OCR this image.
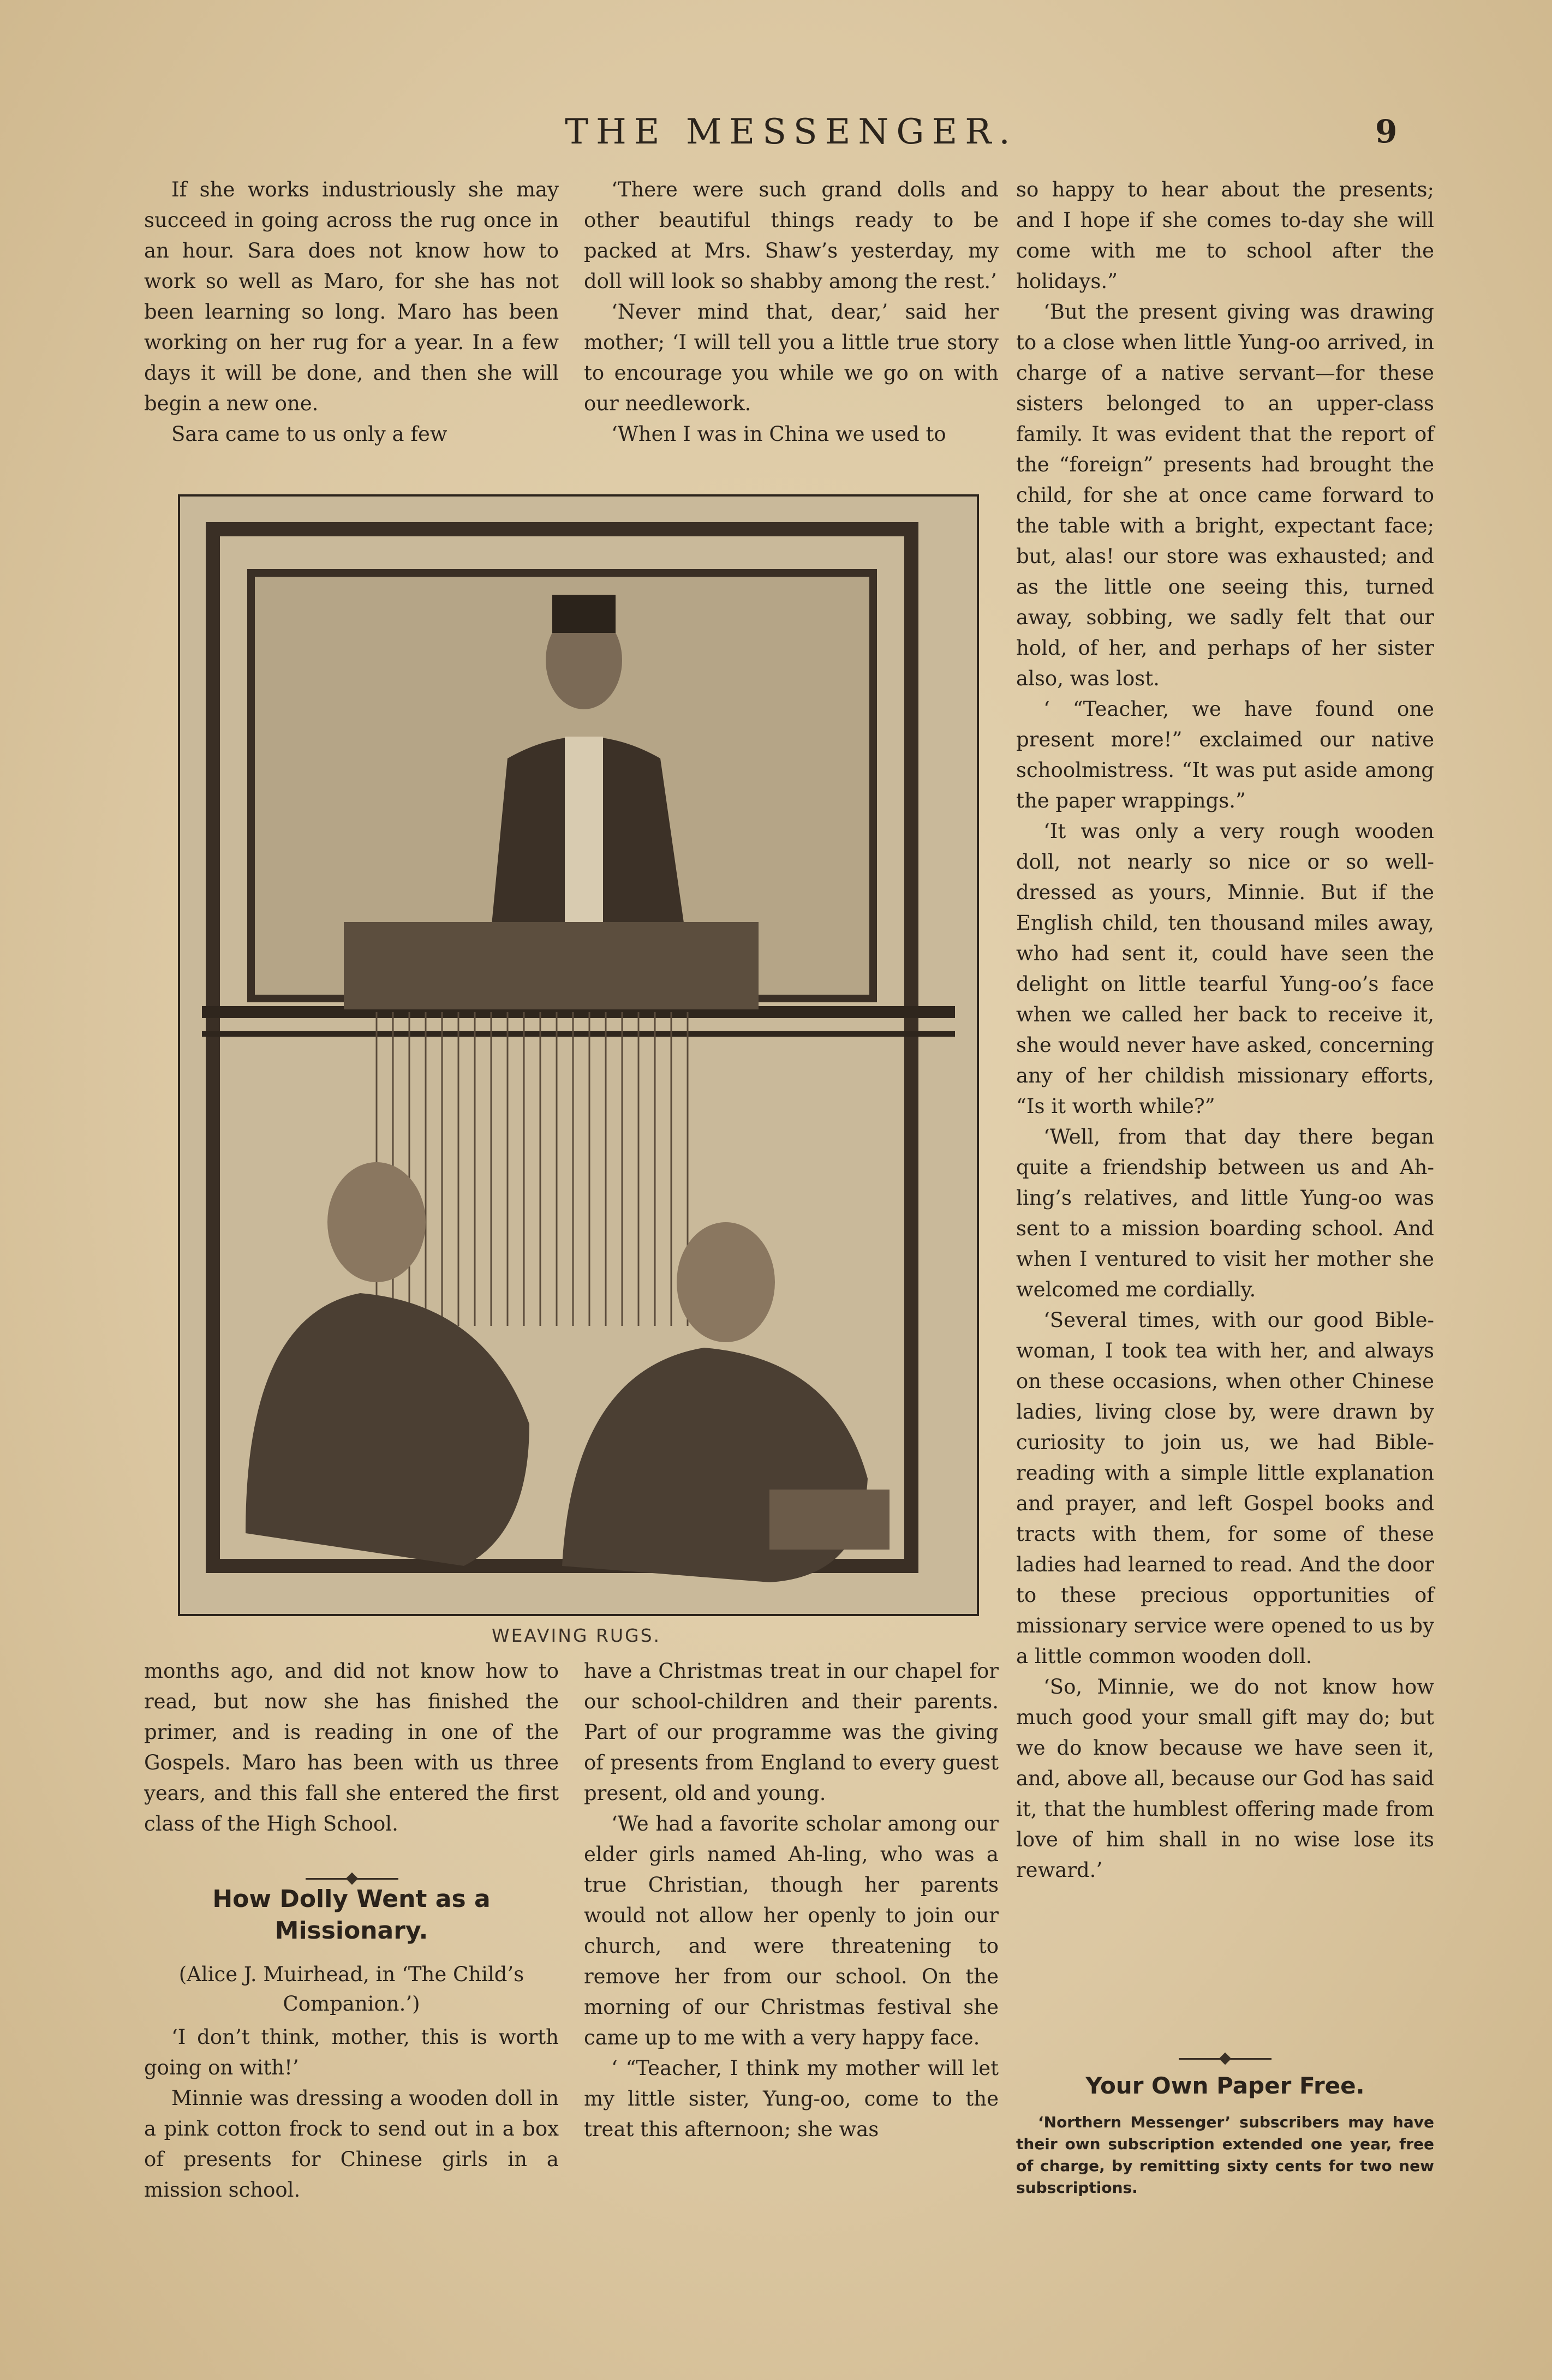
THE MESSENGER.	9

If she works industriously she may succeed in going across the rug once in an hour. Sara does not know how to work so well as Maro, for she has not been learning so long. Maro has been working on her rug for a year. In a few days it will be done, and then she will begin a new one.

Sara came to us only a few

‘There were such grand dolls and other beautiful things ready to be packed at Mrs. Shaw’s yesterday, my doll will look so shabby among the rest.’

‘Never mind that, dear,’ said her mother; ‘I will tell you a little true story to encourage you while we go on with our needlework.

‘When I was in China we used to

so happy to hear about the presents; and I hope if she comes to-day she will come with me to school after the holidays.”

‘But the present giving was drawing to a close when little Yung-oo arrived, in charge of a native servant—for these sisters belonged to an upper-class family. It was evident that the report of the “foreign” presents had brought the child, for she at once came forward to the table with a bright, expectant face; but, alas! our store was exhausted; and as the little one seeing this, turned away, sobbing, we sadly felt that our hold, of her, and perhaps of her sister also, was lost.

‘ “Teacher, we have found one present more!” exclaimed our native schoolmistress. “It was put aside among the paper wrappings.”

‘It was only a very rough wooden doll, not nearly so nice or so well-dressed as yours, Minnie. But if the English child, ten thousand miles away, who had sent it, could have seen the delight on little tearful Yung-oo’s face when we called her back to receive it, she would never have asked, concerning any of her childish missionary efforts, “Is it worth while?”

‘Well, from that day there began quite a friendship between us and Ah-ling’s relatives, and little Yung-oo was sent to a mission boarding school. And when I ventured to visit her mother she welcomed me cordially.

‘Several times, with our good Bible-woman, I took tea with her, and always on these occasions, when other Chinese ladies, living close by, were drawn by curiosity to join us, we had Bible-reading with a simple little explanation and prayer, and left Gospel books and tracts with them, for some of these ladies had learned to read. And the door to these precious opportunities of missionary service were opened to us by a little common wooden doll.

‘So, Minnie, we do not know how much good your small gift may do; but we do know because we have seen it, and, above all, because our God has said it, that the humblest offering made from love of him shall in no wise lose its reward.’

WEAVING RUGS.

months ago, and did not know how to read, but now she has finished the primer, and is reading in one of the Gospels. Maro has been with us three years, and this fall she entered the first class of the High School.

How Dolly Went as a Missionary.
(Alice J. Muirhead, in ‘The Child’s Companion.’)

‘I don’t think, mother, this is worth going on with!’

Minnie was dressing a wooden doll in a pink cotton frock to send out in a box of presents for Chinese girls in a mission school.

have a Christmas treat in our chapel for our school-children and their parents. Part of our programme was the giving of presents from England to every guest present, old and young.

‘We had a favorite scholar among our elder girls named Ah-ling, who was a true Christian, though her parents would not allow her openly to join our church, and were threatening to remove her from our school. On the morning of our Christmas festival she came up to me with a very happy face.

‘ “Teacher, I think my mother will let my little sister, Yung-oo, come to the treat this afternoon; she was

Your Own Paper Free.

‘Northern Messenger’ subscribers may have their own subscription extended one year, free of charge, by remitting sixty cents for two new subscriptions.
